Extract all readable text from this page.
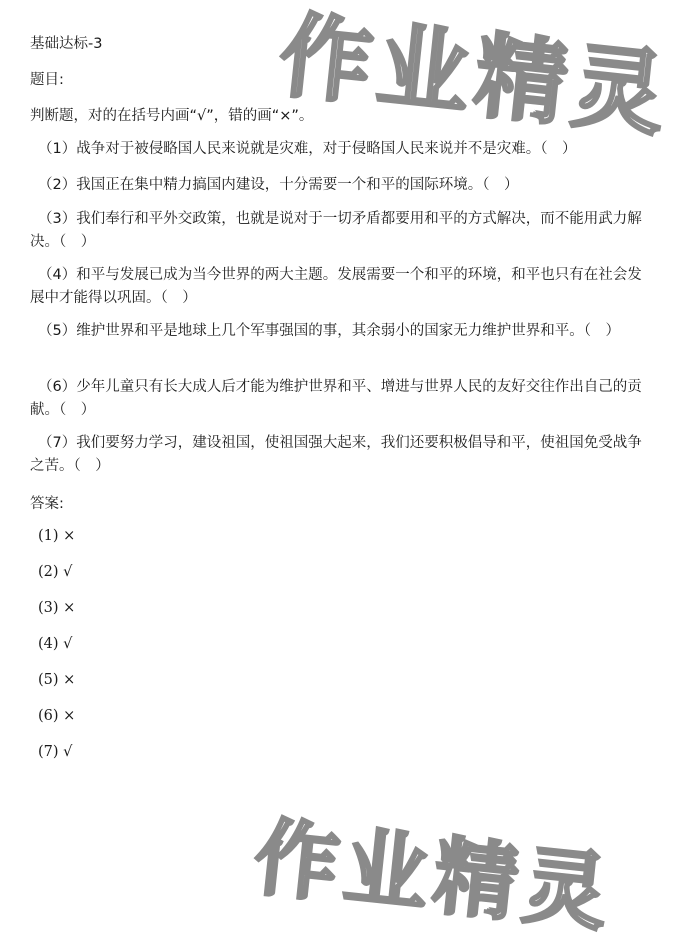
作业精灵
作业精灵
基础达标-3
题目:
判断题，对的在括号内画“√”，错的画“×”。
（1）战争对于被侵略国人民来说就是灾难，对于侵略国人民来说并不是灾难。（　）
（2）我国正在集中精力搞国内建设，十分需要一个和平的国际环境。（　）
（3）我们奉行和平外交政策，也就是说对于一切矛盾都要用和平的方式解决，而不能用武力解决。（　）
（4）和平与发展已成为当今世界的两大主题。发展需要一个和平的环境，和平也只有在社会发展中才能得以巩固。（　）
（5）维护世界和平是地球上几个军事强国的事，其余弱小的国家无力维护世界和平。（　）
（6）少年儿童只有长大成人后才能为维护世界和平、增进与世界人民的友好交往作出自己的贡献。（　）
（7）我们要努力学习，建设祖国，使祖国强大起来，我们还要积极倡导和平，使祖国免受战争之苦。（　）
答案:
(1) ×
(2) √
(3) ×
(4) √
(5) ×
(6) ×
(7) √
